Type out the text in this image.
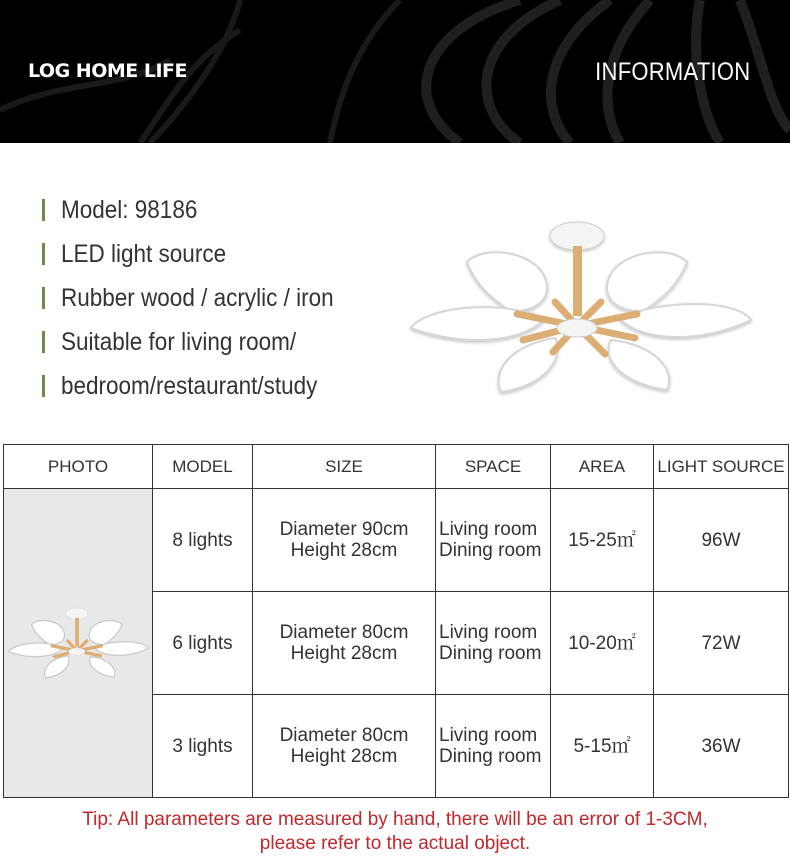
LOG HOME LIFE	INFORMATION
Model: 98186
LED light source
Rubber wood / acrylic / iron
Suitable for living room/
bedroom/restaurant/study
PHOTO	MODEL	SIZE	SPACE	AREA	LIGHT SOURCE

	8 lights	Diameter 90cm
Height 28cm	Living room
Dining room	15-25㎡	96W
	6 lights	Diameter 80cm
Height 28cm	Living room
Dining room	10-20㎡	72W
	3 lights	Diameter 80cm
Height 28cm	Living room
Dining room	5-15㎡	36W
Tip: All parameters are measured by hand, there will be an error of 1-3CM,
please refer to the actual object.
